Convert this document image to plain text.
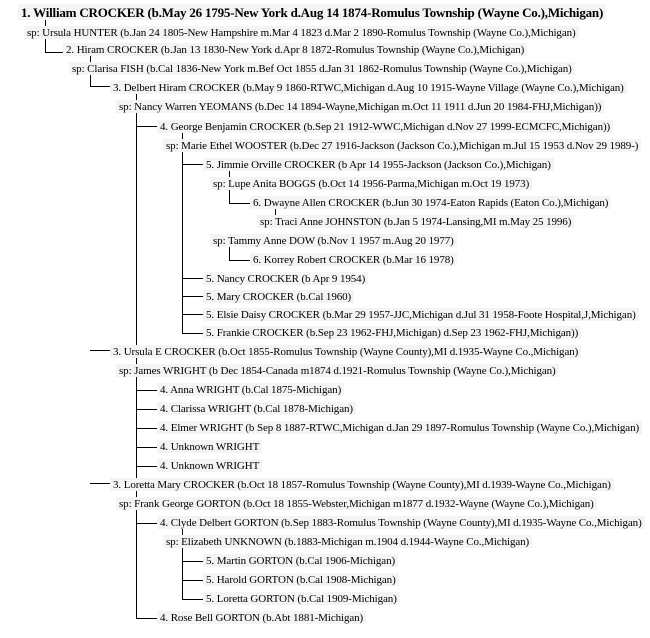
1. William CROCKER (b.May 26 1795-New York d.Aug 14 1874-Romulus Township (Wayne Co.),Michigan)
sp: Ursula HUNTER (b.Jan 24 1805-New Hampshire m.Mar 4 1823 d.Mar 2 1890-Romulus Township (Wayne Co.),Michigan)
2. Hiram CROCKER (b.Jan 13 1830-New York d.Apr 8 1872-Romulus Township (Wayne Co.),Michigan)
sp: Clarisa FISH (b.Cal 1836-New York m.Bef Oct 1855 d.Jan 31 1862-Romulus Township (Wayne Co.),Michigan)
3. Delbert Hiram CROCKER (b.May 9 1860-RTWC,Michigan d.Aug 10 1915-Wayne Village (Wayne Co.),Michigan)
sp: Nancy Warren YEOMANS (b.Dec 14 1894-Wayne,Michigan m.Oct 11 1911 d.Jun 20 1984-FHJ,Michigan))
4. George Benjamin CROCKER (b.Sep 21 1912-WWC,Michigan d.Nov 27 1999-ECMCFC,Michigan))
sp: Marie Ethel WOOSTER (b.Dec 27 1916-Jackson (Jackson Co.),Michigan m.Jul 15 1953 d.Nov 29 1989-)
5. Jimmie Orville CROCKER (b Apr 14 1955-Jackson (Jackson Co.),Michigan)
sp: Lupe Anita BOGGS (b.Oct 14 1956-Parma,Michigan m.Oct 19 1973)
6. Dwayne Allen CROCKER (b.Jun 30 1974-Eaton Rapids (Eaton Co.),Michigan)
sp: Traci Anne JOHNSTON (b.Jan 5 1974-Lansing,MI m.May 25 1996)
sp: Tammy Anne DOW (b.Nov 1 1957 m.Aug 20 1977)
6. Korrey Robert CROCKER (b.Mar 16 1978)
5. Nancy CROCKER (b Apr 9 1954)
5. Mary CROCKER (b.Cal 1960)
5. Elsie Daisy CROCKER (b.Mar 29 1957-JJC,Michigan d.Jul 31 1958-Foote Hospital,J,Michigan)
5. Frankie CROCKER (b.Sep 23 1962-FHJ,Michigan) d.Sep 23 1962-FHJ,Michigan))
3. Ursula E CROCKER (b.Oct 1855-Romulus Township (Wayne County),MI d.1935-Wayne Co.,Michigan)
sp: James WRIGHT (b Dec 1854-Canada m1874 d.1921-Romulus Township (Wayne Co.),Michigan)
4. Anna WRIGHT (b.Cal 1875-Michigan)
4. Clarissa WRIGHT (b.Cal 1878-Michigan)
4. Elmer WRIGHT (b Sep 8 1887-RTWC,Michigan d.Jan 29 1897-Romulus Township (Wayne Co.),Michigan)
4. Unknown WRIGHT
4. Unknown WRIGHT
3. Loretta Mary CROCKER (b.Oct 18 1857-Romulus Township (Wayne County),MI d.1939-Wayne Co.,Michigan)
sp: Frank George GORTON (b.Oct 18 1855-Webster,Michigan m1877 d.1932-Wayne (Wayne Co.),Michigan)
4. Clyde Delbert GORTON (b.Sep 1883-Romulus Township (Wayne County),MI d.1935-Wayne Co.,Michigan)
sp: Elizabeth UNKNOWN (b.1883-Michigan m.1904 d.1944-Wayne Co.,Michigan)
5. Martin GORTON (b.Cal 1906-Michigan)
5. Harold GORTON (b.Cal 1908-Michigan)
5. Loretta GORTON (b.Cal 1909-Michigan)
4. Rose Bell GORTON (b.Abt 1881-Michigan)
